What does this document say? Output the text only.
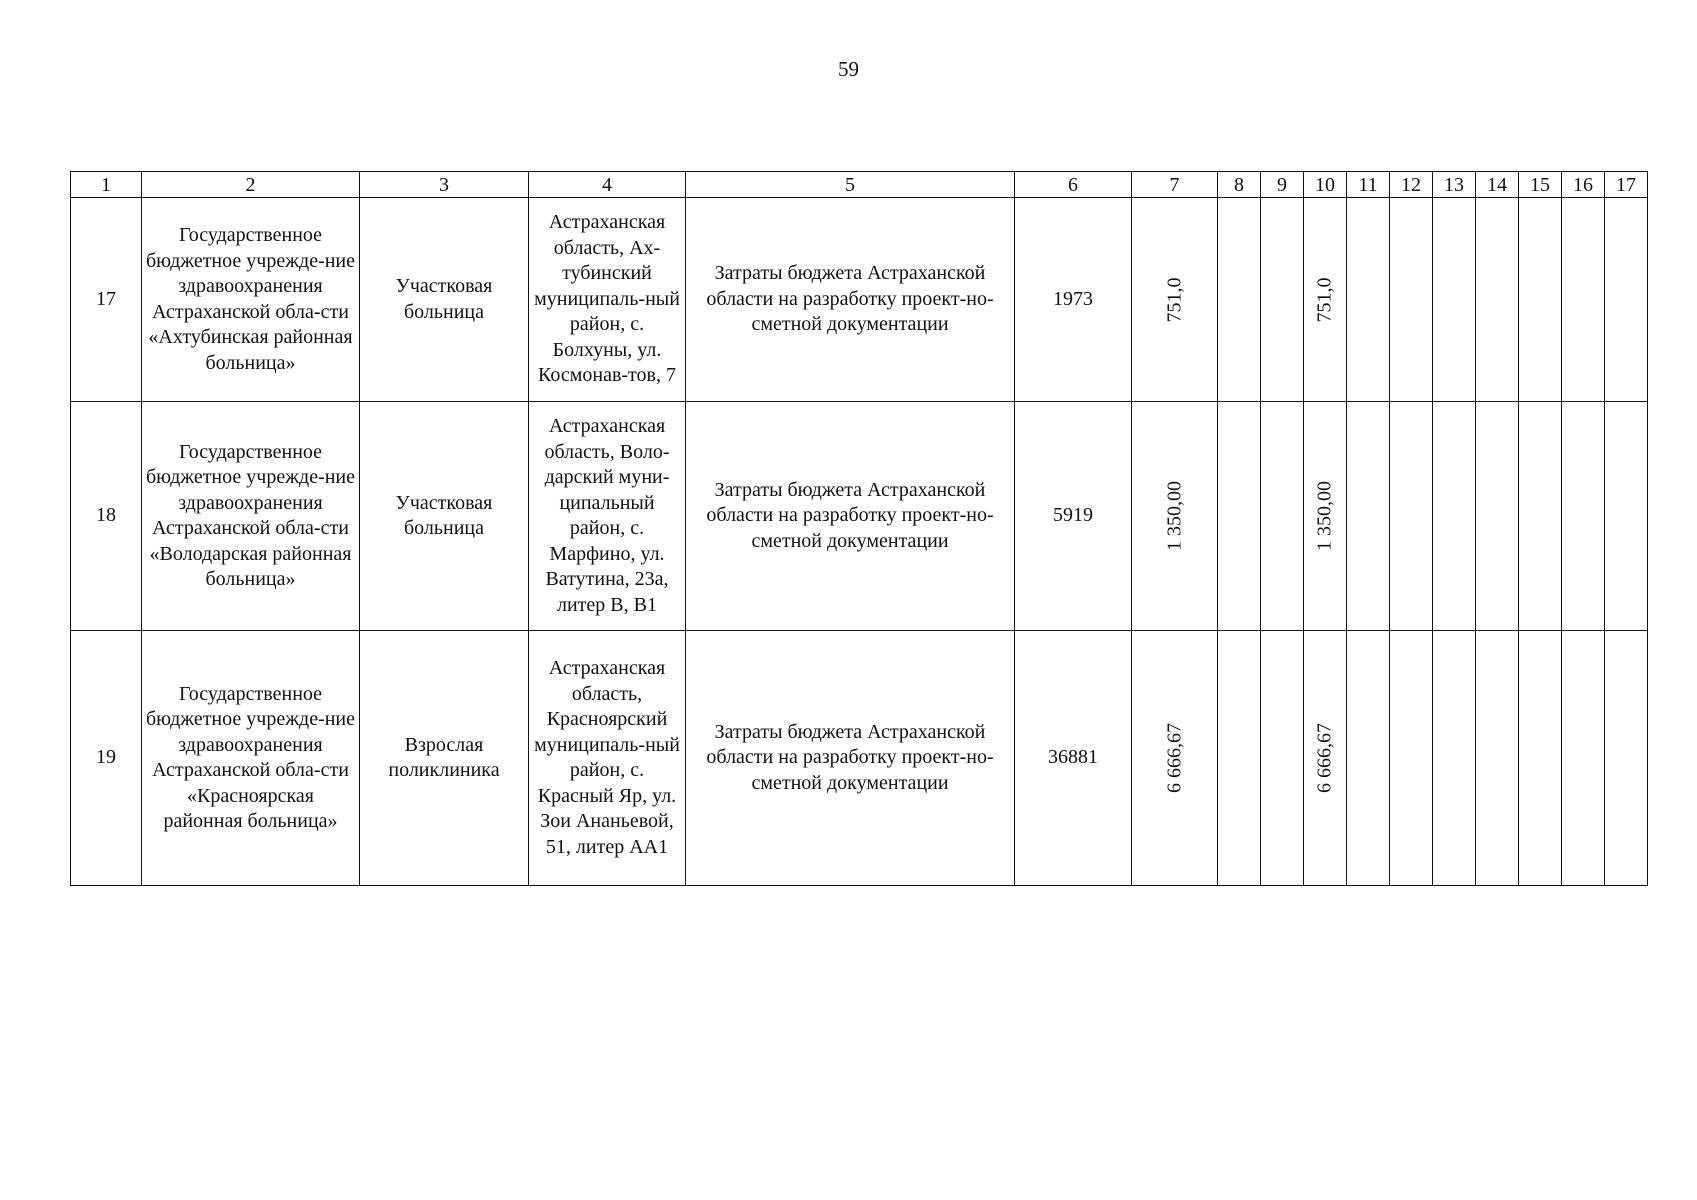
59
1	2	3	4	5	6	7	8	9	10	11	12	13	14	15	16	17
17	Государственное бюджетное учрежде-ние здравоохранения Астраханской обла-сти «Ахтубинская районная больница»	Участковая больница	Астраханская область, Ах-тубинский муниципаль-ный район, с. Болхуны, ул. Космонав-тов, 7	Затраты бюджета Астраханской области на разработку проект-но-сметной документации	1973	751,0			751,0							

18	Государственное бюджетное учрежде-ние здравоохранения Астраханской обла-сти «Володарская районная больница»	Участковая больница	Астраханская область, Воло-дарский муни-ципальный район, с. Марфино, ул. Ватутина, 23а, литер В, В1	Затраты бюджета Астраханской области на разработку проект-но-сметной документации	5919	1 350,00			1 350,00							

19	Государственное бюджетное учрежде-ние здравоохранения Астраханской обла-сти «Красноярская районная больница»	Взрослая поликлиника	Астраханская область, Красноярский муниципаль-ный район, с. Красный Яр, ул. Зои Ананьевой, 51, литер АА1	Затраты бюджета Астраханской области на разработку проект-но-сметной документации	36881	6 666,67			6 666,67							
